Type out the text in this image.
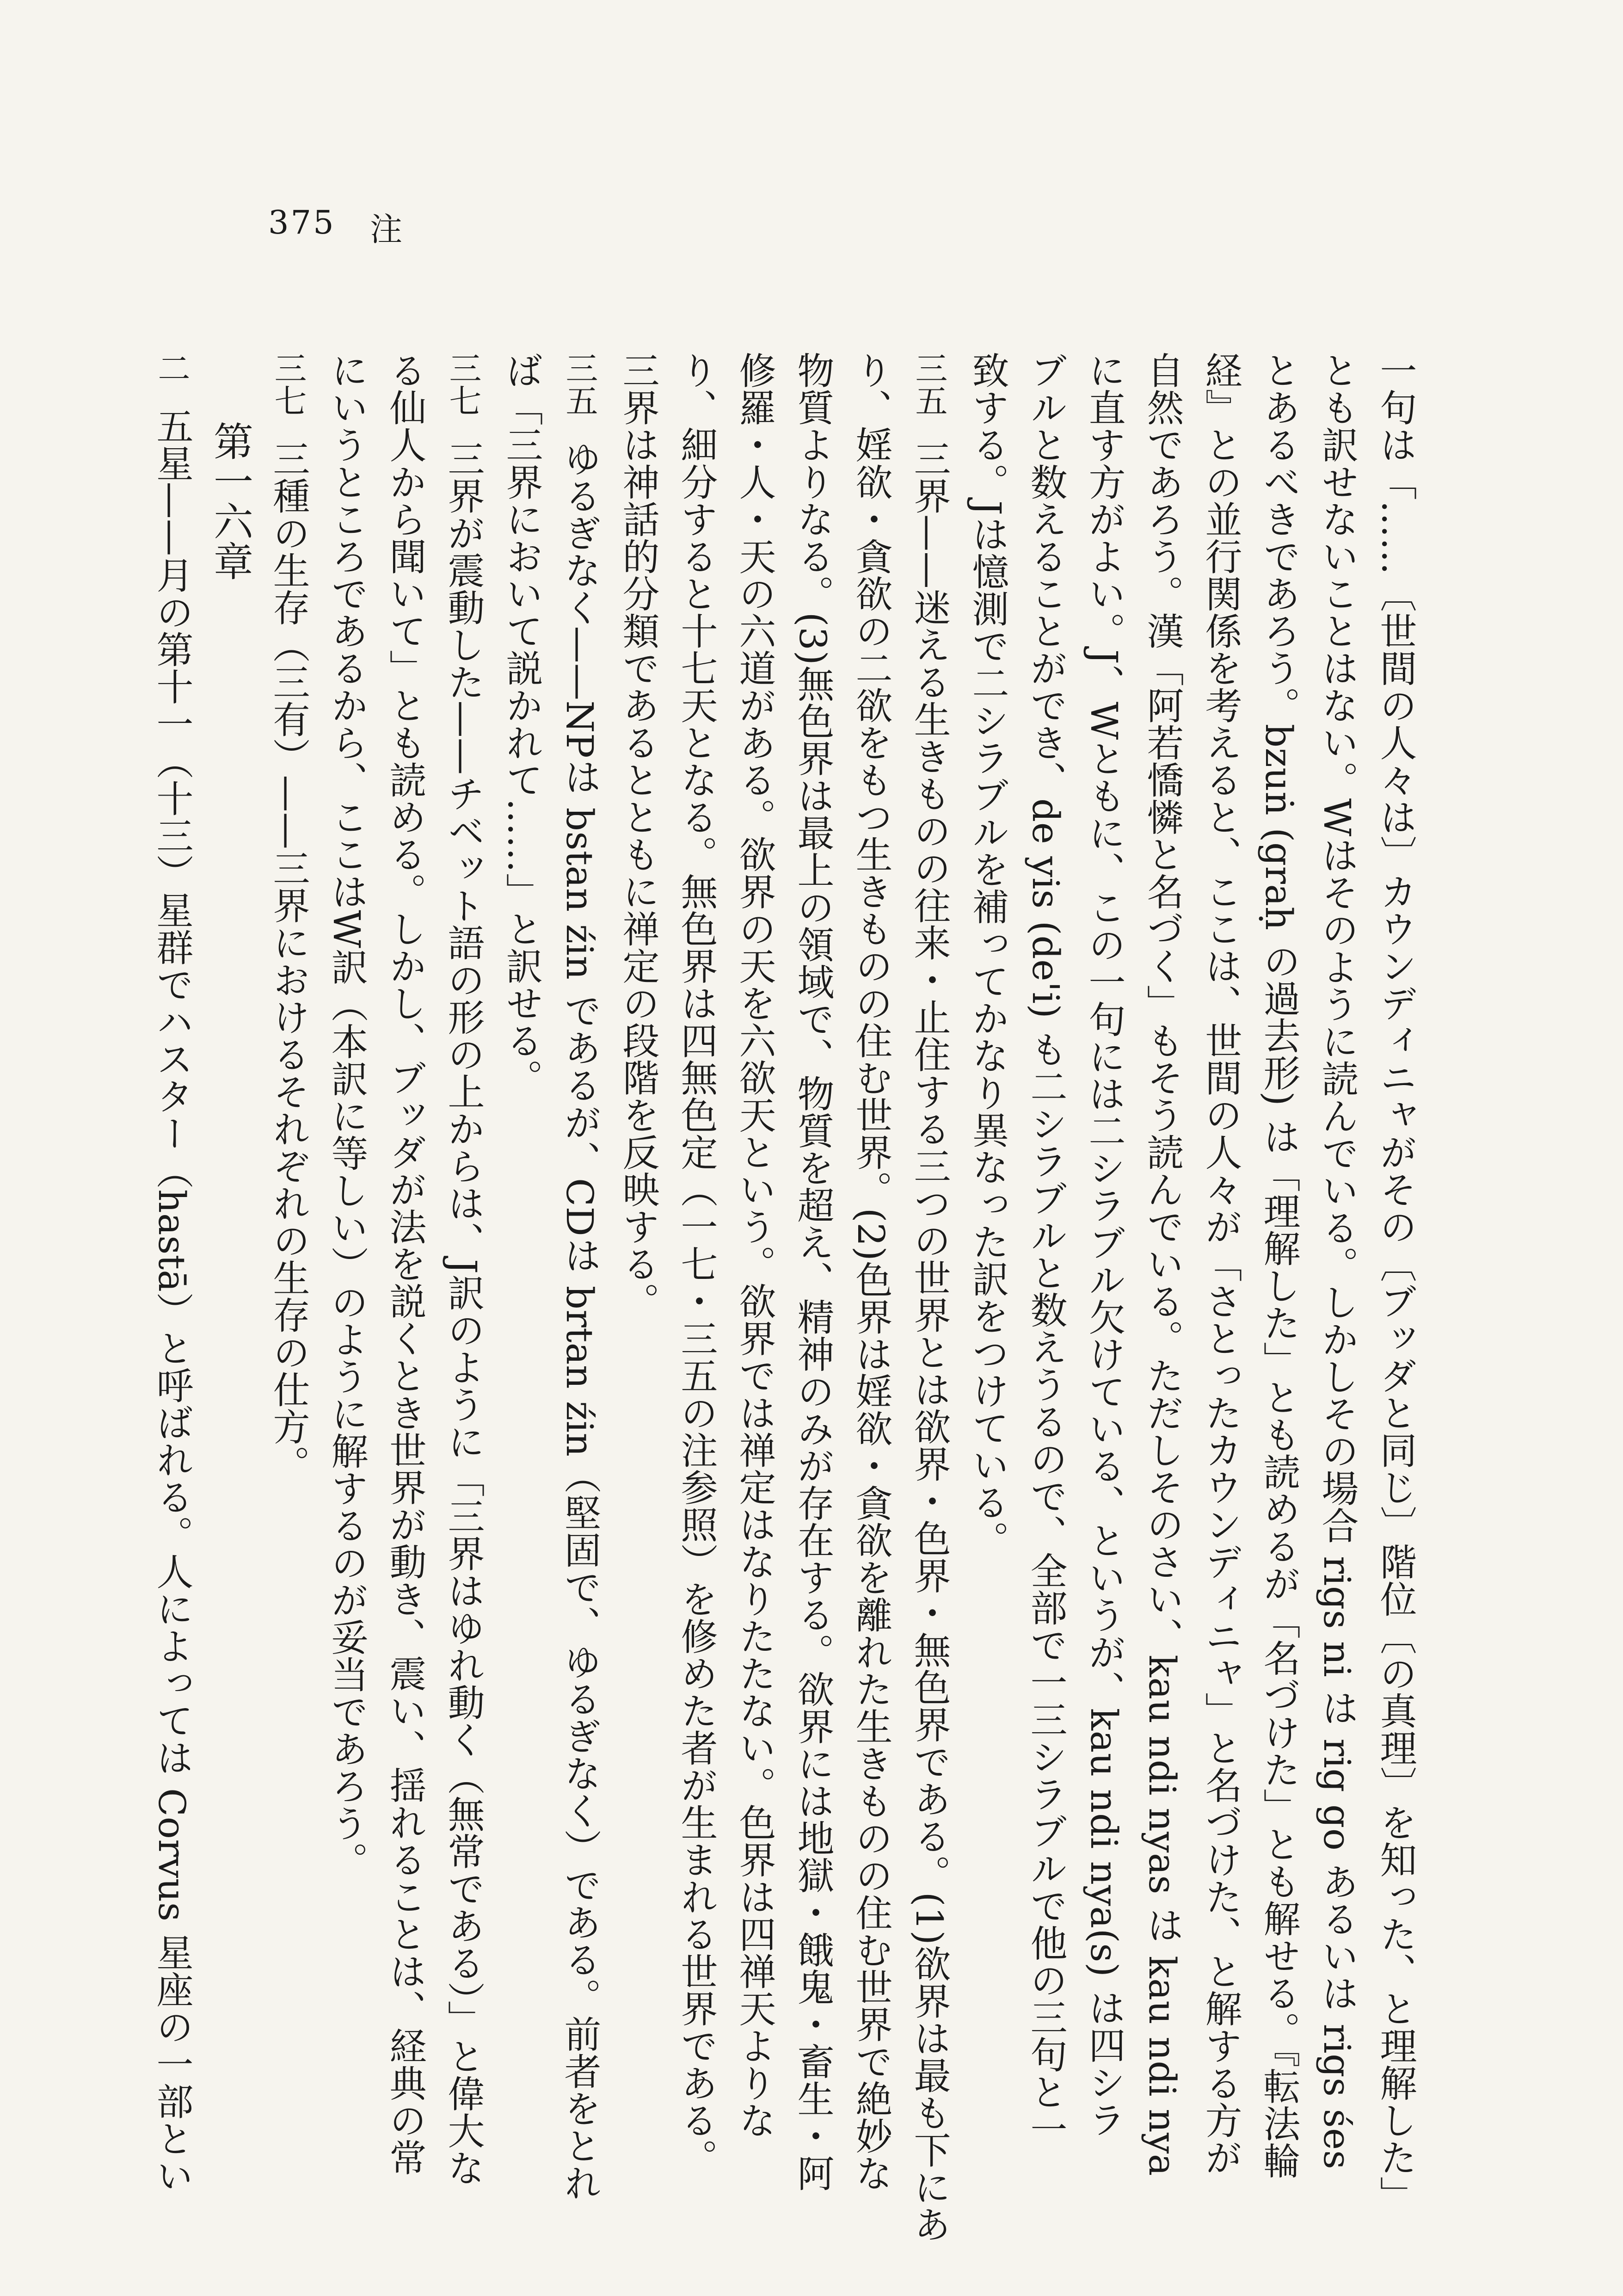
375 注
一句は「……〔世間の人々は〕カウンディニャがその〔ブッダと同じ〕階位〔の真理〕を知った、と理解した」
とも訳せないことはない。Wはそのように読んでいる。しかしその場合 rigs ni は rig go あるいは rigs śes
とあるべきであろう。bzuṅ (graḥ の過去形) は「理解した」とも読めるが「名づけた」とも解せる。『転法輪
経』との並行関係を考えると、ここは、世間の人々が「さとったカウンディニャ」と名づけた、と解する方が
自然であろう。漢「阿若憍憐と名づく」もそう読んでいる。ただしそのさい、kau ndi nyas は kau ndi nya
に直す方がよい。J、Wともに、この一句には二シラブル欠けている、というが、kau ndi nya(s) は四シラ
ブルと数えることができ、de yis (de'i) も二シラブルと数えうるので、全部で一三シラブルで他の三句と一
致する。Jは憶測で二シラブルを補ってかなり異なった訳をつけている。
三五三界——迷える生きものの往来・止住する三つの世界とは欲界・色界・無色界である。(1)欲界は最も下にあ
り、婬欲・貪欲の二欲をもつ生きものの住む世界。(2)色界は婬欲・貪欲を離れた生きものの住む世界で絶妙な
物質よりなる。(3)無色界は最上の領域で、物質を超え、精神のみが存在する。欲界には地獄・餓鬼・畜生・阿
修羅・人・天の六道がある。欲界の天を六欲天という。欲界では禅定はなりたたない。色界は四禅天よりな
り、細分すると十七天となる。無色界は四無色定（一七・三五の注参照）を修めた者が生まれる世界である。
三界は神話的分類であるとともに禅定の段階を反映する。
三五ゆるぎなく——NPは bstan źin であるが、CDは brtan źin（堅固で、ゆるぎなく）である。前者をとれ
ば「三界において説かれて……」と訳せる。
三七三界が震動した——チベット語の形の上からは、J訳のように「三界はゆれ動く（無常である）」と偉大な
る仙人から聞いて」とも読める。しかし、ブッダが法を説くとき世界が動き、震い、揺れることは、経典の常
にいうところであるから、ここはW訳（本訳に等しい）のように解するのが妥当であろう。
三七三種の生存（三有）——三界におけるそれぞれの生存の仕方。
第一六章
二五星——月の第十一（十三）星群でハスター（hastā）と呼ばれる。人によっては Corvus 星座の一部とい
